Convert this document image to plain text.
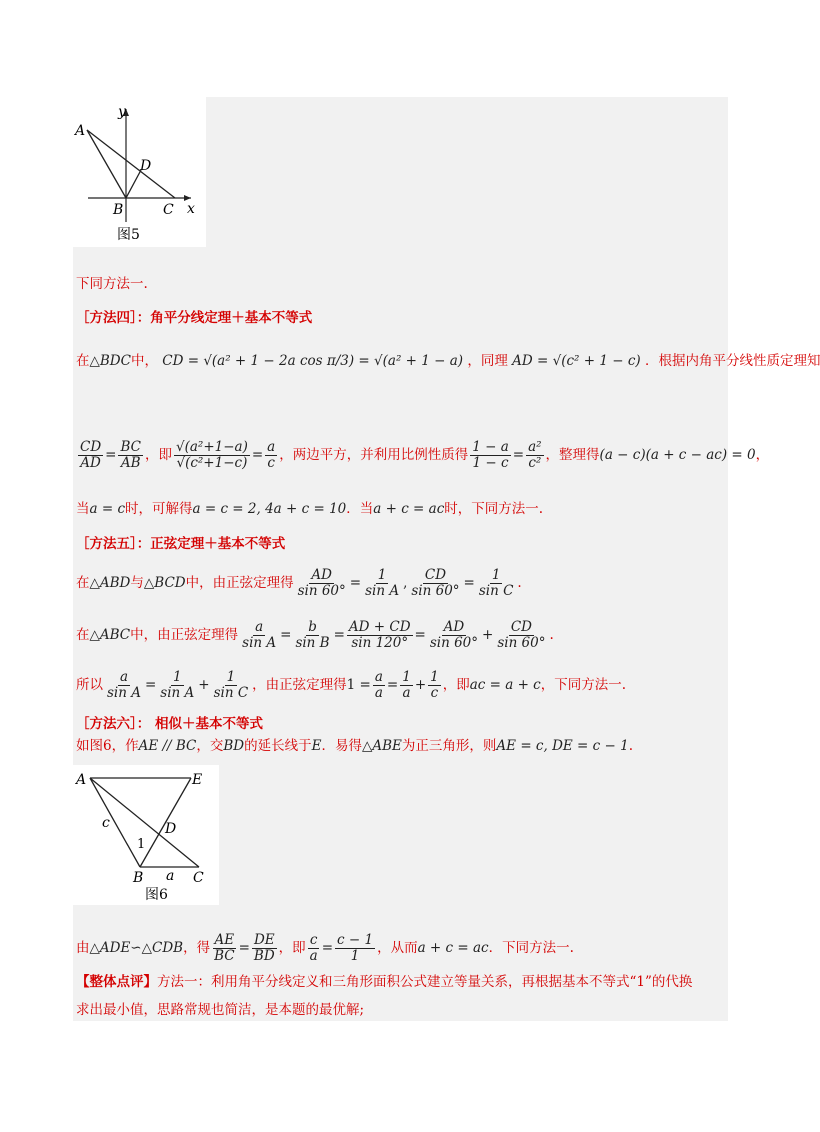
y
x
A
B	C
D
图5
下同方法一.
［方法四］：角平分线定理＋基本不等式
在△BDC中， CD = √(a² + 1 − 2a cos π/3) = √(a² + 1 − a) ，同理 AD = √(c² + 1 − c) ．根据内角平分线性质定理知
$\frac{CD}{AD} = \frac{BC}{AB}$ ，即 $\frac{\text{√(a²+1−a)}}{\text{√(c²+1−c)}} = \frac{a}{c}$ ，两边平方，并利用比例性质得 $\frac{1 - a}{1 - c} = \frac{\text{a²}}{\text{c²}}$ ，整理得(a − c)(a + c − ac) = 0，
当a = c时，可解得a = c = 2, 4a + c = 10．当a + c = ac时，下同方法一.
［方法五］：正弦定理＋基本不等式
在△ABD与△BCD中，由正弦定理得 $\frac{AD}{\sin 60^\circ} = \frac{1}{\text{sin A}}$ , $\frac{CD}{\sin 60^\circ} = \frac{1}{\text{sin C}}$ .
在△ABC中，由正弦定理得 $\frac{a}{\text{sin A}} = \frac{b}{\text{sin B}} = \frac{AD + CD}{\sin 120^\circ} = \frac{AD}{\sin 60^\circ} + \frac{CD}{\sin 60^\circ}$ .
所以 $\frac{a}{\text{sin A}} = \frac{1}{\text{sin A}} + \frac{1}{\text{sin C}}$ ，由正弦定理得$1 = \frac{a}{a} = \frac{1}{a} + \frac{1}{c}$ ，即ac = a + c，下同方法一.
［方法六］： 相似＋基本不等式
如图6，作AE // BC，交BD的延长线于E．易得△ABE为正三角形，则AE = c, DE = c − 1.
A	E
D
B	C
c
a
1
图6
由△ADE∽△CDB，得 $\frac{AE}{BC} = \frac{DE}{BD}$ ，即 $\frac{c}{a} = \frac{c - 1}{1}$ ，从而a + c = ac．下同方法一.
【整体点评】方法一：利用角平分线定义和三角形面积公式建立等量关系，再根据基本不等式“1”的代换
求出最小值，思路常规也简洁，是本题的最优解;
